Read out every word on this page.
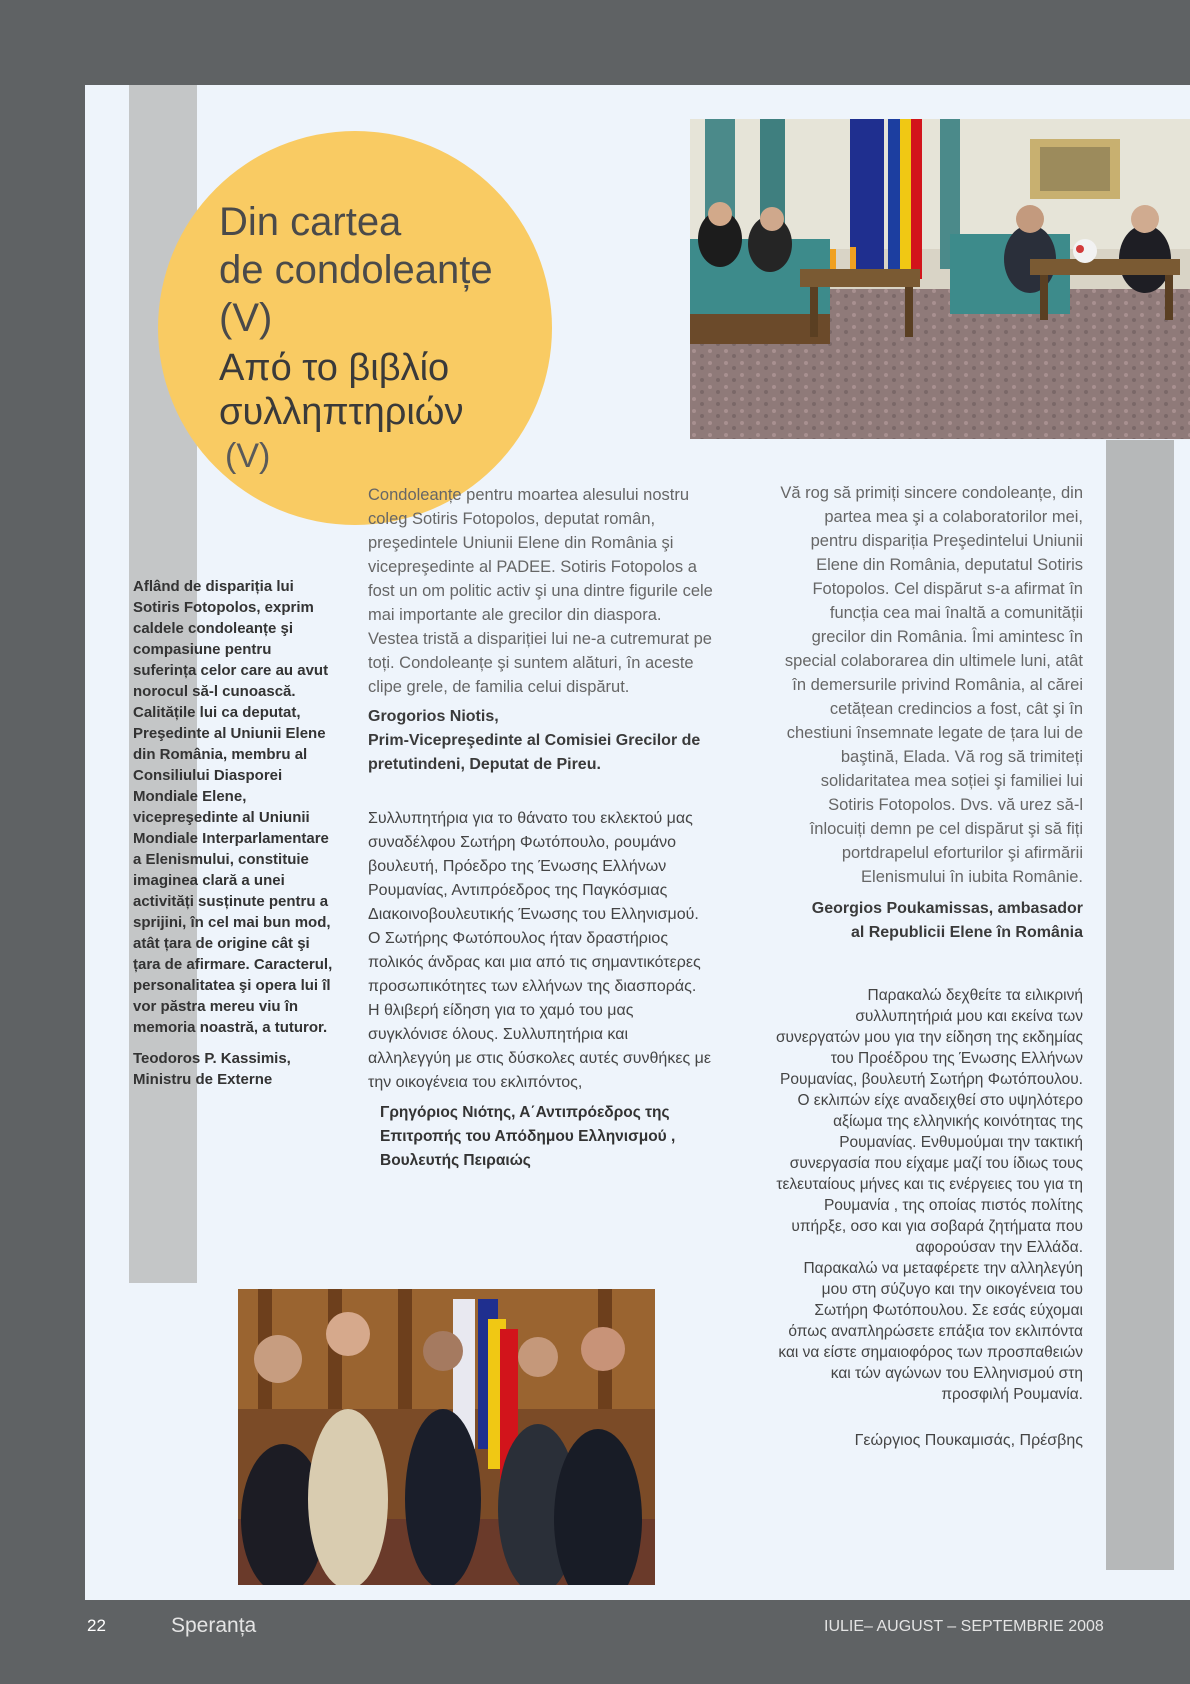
Din cartea
de condoleanțe
(V)
Από το βιβλίο
συλληπτηριών
(V)

Aflând de dispariția lui Sotiris Fotopolos, exprim caldele condoleanțe şi compasiune pentru suferința celor care au avut norocul să-l cunoască. Calitățile lui ca deputat, Preşedinte al Uniunii Elene din România, membru al Consiliului Diasporei Mondiale Elene, vicepreşedinte al Uniunii Mondiale Interparlamentare a Elenismului, constituie imaginea clară a unei activități susținute pentru a sprijini, în cel mai bun mod, atât țara de origine cât şi țara de afirmare. Caracterul, personalitatea şi opera lui îl vor păstra mereu viu în memoria noastră, a tuturor.

Teodoros P. Kassimis,
Ministru de Externe

Condoleanțe pentru moartea alesului nostru coleg Sotiris Fotopolos, deputat român, preşedintele Uniunii Elene din România şi vicepreşedinte al PADEE. Sotiris Fotopolos a fost un om politic activ şi una dintre figurile cele mai importante ale grecilor din diaspora. Vestea tristă a dispariției lui ne-a cutremurat pe toți. Condoleanțe şi suntem alături, în aceste clipe grele, de familia celui dispărut.

Grogorios Niotis,
Prim-Vicepreşedinte al Comisiei Grecilor de pretutindeni, Deputat de Pireu.

Συλλυπητήρια για το θάνατο του εκλεκτού μας συναδέλφου Σωτήρη Φωτόπουλο, ρουμάνο βουλευτή, Πρόεδρο της Ένωσης Ελλήνων Ρουμανίας, Αντιπρόεδρος της Παγκόσμιας Διακοινοβουλευτικής Ένωσης του Ελληνισμού. Ο Σωτήρης Φωτόπουλος ήταν δραστήριος πολικός άνδρας και μια από τις σημαντικότερες προσωπικότητες των ελλήνων της διασποράς.

Η θλιβερή είδηση για το χαμό του μας συγκλόνισε όλους. Συλλυπητήρια και αλληλεγγύη με στις δύσκολες αυτές συνθήκες με την οικογένεια του εκλιπόντος,

Γρηγόριος Νιότης, Α΄Αντιπρόεδρος της Επιτροπής του Απόδημου Ελληνισμού , Βουλευτής Πειραιώς

Vă rog să primiți sincere condoleanțe, din partea mea şi a colaboratorilor mei, pentru dispariția Preşedintelui Uniunii Elene din România, deputatul Sotiris Fotopolos. Cel dispărut s-a afirmat în funcția cea mai înaltă a comunității grecilor din România. Îmi amintesc în special colaborarea din ultimele luni, atât în demersurile privind România, al cărei cetățean credincios a fost, cât şi în chestiuni însemnate legate de țara lui de baştină, Elada. Vă rog să trimiteți solidaritatea mea soției şi familiei lui Sotiris Fotopolos. Dvs. vă urez să-l înlocuiți demn pe cel dispărut şi să fiți portdrapelul eforturilor şi afirmării Elenismului în iubita Românie.

Georgios Poukamissas, ambasador
al Republicii Elene în România

Παρακαλώ δεχθείτε τα ειλικρινή συλλυπητήριά μου και εκείνα των συνεργατών μου για την είδηση της εκδημίας του Προέδρου της Ένωσης Ελλήνων Ρουμανίας, βουλευτή Σωτήρη Φωτόπουλου.

Ο εκλιπών είχε αναδειχθεί στο υψηλότερο αξίωμα της ελληνικής κοινότητας της Ρουμανίας. Ενθυμούμαι την τακτική συνεργασία που είχαμε μαζί του ίδιως τους τελευταίους μήνες και τις ενέργειες του για τη Ρουμανία , της οποίας πιστός πολίτης υπήρξε, οσο και για σοβαρά ζητήματα που αφορούσαν την Ελλάδα.

Παρακαλώ να μεταφέρετε την αλληλεγύη μου στη σύζυγο και την οικογένεια του Σωτήρη Φωτόπουλου. Σε εσάς εύχομαι όπως αναπληρώσετε επάξια τον εκλιπόντα και να είστε σημαιοφόρος των προσπαθειών και τών αγώνων του Ελληνισμού στη προσφιλή Ρουμανία.

Γεώργιος Πουκαμισάς, Πρέσβης
22	Speranța	IULIE– AUGUST – SEPTEMBRIE 2008
